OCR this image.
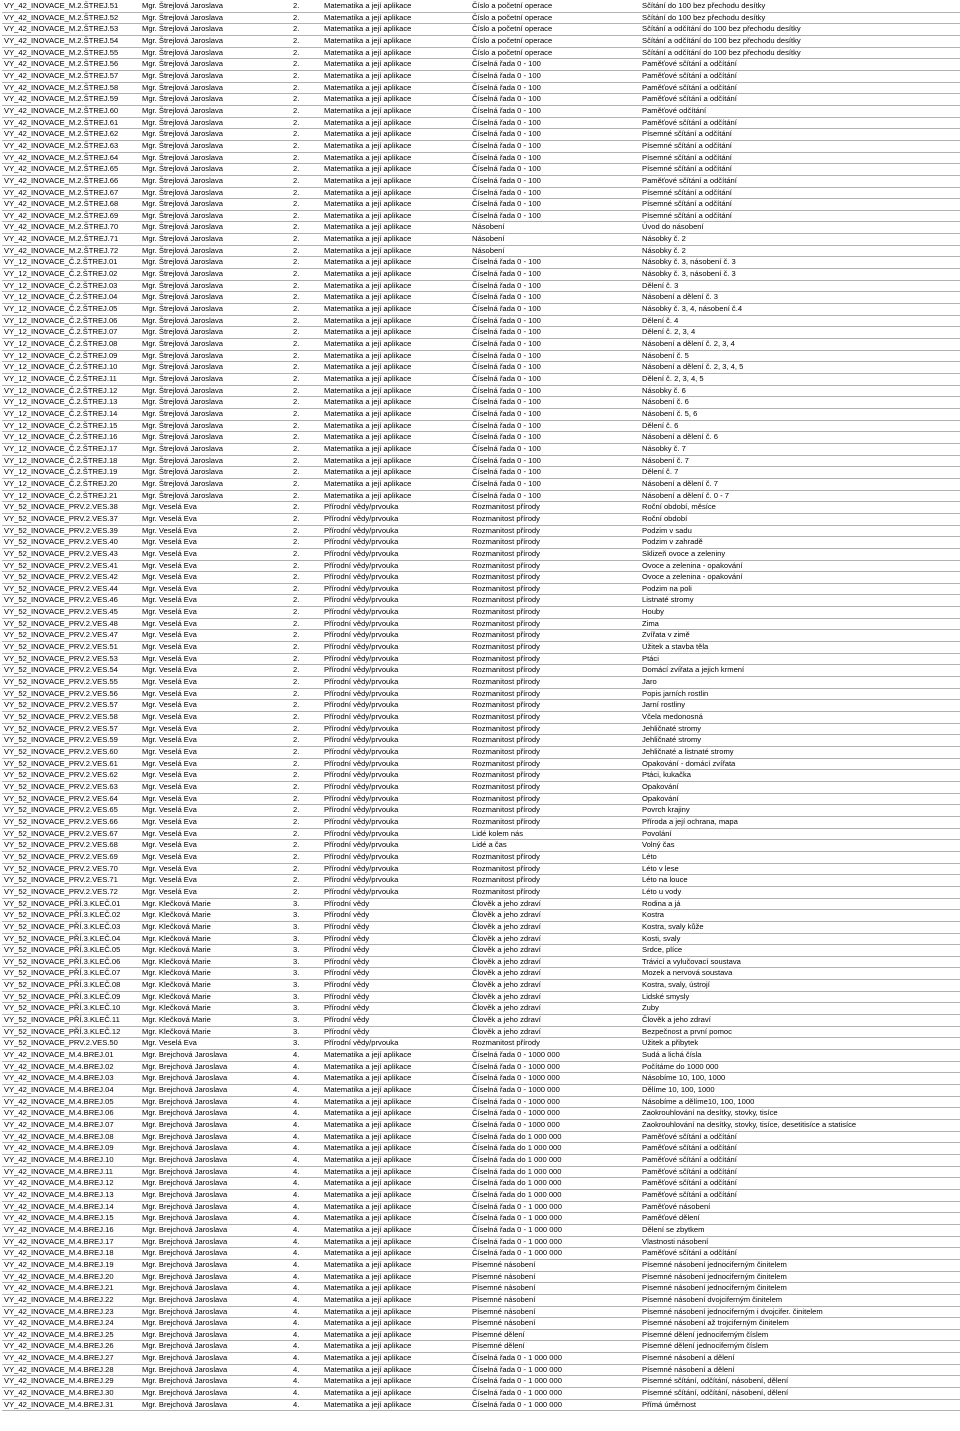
VY_42_INOVACE_M.2.ŠTREJ.51	Mgr. Štrejlová Jaroslava	2.	Matematika a její aplikace	Číslo a početní operace	Sčítání do 100 bez přechodu desítky
VY_42_INOVACE_M.2.ŠTREJ.52	Mgr. Štrejlová Jaroslava	2.	Matematika a její aplikace	Číslo a početní operace	Sčítání do 100 bez přechodu desítky
VY_42_INOVACE_M.2.ŠTREJ.53	Mgr. Štrejlová Jaroslava	2.	Matematika a její aplikace	Číslo a početní operace	Sčítání a odčítání do 100 bez přechodu desítky
VY_42_INOVACE_M.2.ŠTREJ.54	Mgr. Štrejlová Jaroslava	2.	Matematika a její aplikace	Číslo a početní operace	Sčítání a odčítání do 100 bez přechodu desítky
VY_42_INOVACE_M.2.ŠTREJ.55	Mgr. Štrejlová Jaroslava	2.	Matematika a její aplikace	Číslo a početní operace	Sčítání a odčítání do 100 bez přechodu desítky
VY_42_INOVACE_M.2.ŠTREJ.56	Mgr. Štrejlová Jaroslava	2.	Matematika a její aplikace	Číselná řada 0 - 100	Paměťové sčítání a odčítání
VY_42_INOVACE_M.2.ŠTREJ.57	Mgr. Štrejlová Jaroslava	2.	Matematika a její aplikace	Číselná řada 0 - 100	Paměťové sčítání a odčítání
VY_42_INOVACE_M.2.ŠTREJ.58	Mgr. Štrejlová Jaroslava	2.	Matematika a její aplikace	Číselná řada 0 - 100	Paměťové sčítání a odčítání
VY_42_INOVACE_M.2.ŠTREJ.59	Mgr. Štrejlová Jaroslava	2.	Matematika a její aplikace	Číselná řada 0 - 100	Paměťové sčítání a odčítání
VY_42_INOVACE_M.2.ŠTREJ.60	Mgr. Štrejlová Jaroslava	2.	Matematika a její aplikace	Číselná řada 0 - 100	Paměťové odčítání
VY_42_INOVACE_M.2.ŠTREJ.61	Mgr. Štrejlová Jaroslava	2.	Matematika a její aplikace	Číselná řada 0 - 100	Paměťové sčítání a odčítání
VY_42_INOVACE_M.2.ŠTREJ.62	Mgr. Štrejlová Jaroslava	2.	Matematika a její aplikace	Číselná řada 0 - 100	Písemné sčítání a odčítání
VY_42_INOVACE_M.2.ŠTREJ.63	Mgr. Štrejlová Jaroslava	2.	Matematika a její aplikace	Číselná řada 0 - 100	Písemné sčítání a odčítání
VY_42_INOVACE_M.2.ŠTREJ.64	Mgr. Štrejlová Jaroslava	2.	Matematika a její aplikace	Číselná řada 0 - 100	Písemné sčítání a odčítání
VY_42_INOVACE_M.2.ŠTREJ.65	Mgr. Štrejlová Jaroslava	2.	Matematika a její aplikace	Číselná řada 0 - 100	Písemné sčítání a odčítání
VY_42_INOVACE_M.2.ŠTREJ.66	Mgr. Štrejlová Jaroslava	2.	Matematika a její aplikace	Číselná řada 0 - 100	Paměťové sčítání a odčítání
VY_42_INOVACE_M.2.ŠTREJ.67	Mgr. Štrejlová Jaroslava	2.	Matematika a její aplikace	Číselná řada 0 - 100	Písemné sčítání a odčítání
VY_42_INOVACE_M.2.ŠTREJ.68	Mgr. Štrejlová Jaroslava	2.	Matematika a její aplikace	Číselná řada 0 - 100	Písemné sčítání a odčítání
VY_42_INOVACE_M.2.ŠTREJ.69	Mgr. Štrejlová Jaroslava	2.	Matematika a její aplikace	Číselná řada 0 - 100	Písemné sčítání a odčítání
VY_42_INOVACE_M.2.ŠTREJ.70	Mgr. Štrejlová Jaroslava	2.	Matematika a její aplikace	Násobení	Úvod do násobení
VY_42_INOVACE_M.2.ŠTREJ.71	Mgr. Štrejlová Jaroslava	2.	Matematika a její aplikace	Násobení	Násobky č. 2
VY_42_INOVACE_M.2.ŠTREJ.72	Mgr. Štrejlová Jaroslava	2.	Matematika a její aplikace	Násobení	Násobky č. 2
VY_12_INOVACE_Č.2.ŠTREJ.01	Mgr. Štrejlová Jaroslava	2.	Matematika a její aplikace	Číselná řada 0 - 100	Násobky č. 3, násobení č. 3
VY_12_INOVACE_Č.2.ŠTREJ.02	Mgr. Štrejlová Jaroslava	2.	Matematika a její aplikace	Číselná řada 0 - 100	Násobky č. 3, násobení č. 3
VY_12_INOVACE_Č.2.ŠTREJ.03	Mgr. Štrejlová Jaroslava	2.	Matematika a její aplikace	Číselná řada 0 - 100	Dělení č. 3
VY_12_INOVACE_Č.2.ŠTREJ.04	Mgr. Štrejlová Jaroslava	2.	Matematika a její aplikace	Číselná řada 0 - 100	Násobení a dělení č. 3
VY_12_INOVACE_Č.2.ŠTREJ.05	Mgr. Štrejlová Jaroslava	2.	Matematika a její aplikace	Číselná řada 0 - 100	Násobky č. 3, 4, násobení č.4
VY_12_INOVACE_Č.2.ŠTREJ.06	Mgr. Štrejlová Jaroslava	2.	Matematika a její aplikace	Číselná řada 0 - 100	Dělení č. 4
VY_12_INOVACE_Č.2.ŠTREJ.07	Mgr. Štrejlová Jaroslava	2.	Matematika a její aplikace	Číselná řada 0 - 100	Dělení č. 2, 3, 4
VY_12_INOVACE_Č.2.ŠTREJ.08	Mgr. Štrejlová Jaroslava	2.	Matematika a její aplikace	Číselná řada 0 - 100	Násobení a dělení č. 2, 3, 4
VY_12_INOVACE_Č.2.ŠTREJ.09	Mgr. Štrejlová Jaroslava	2.	Matematika a její aplikace	Číselná řada 0 - 100	Násobení č. 5
VY_12_INOVACE_Č.2.ŠTREJ.10	Mgr. Štrejlová Jaroslava	2.	Matematika a její aplikace	Číselná řada 0 - 100	Násobení a dělení č. 2, 3, 4, 5
VY_12_INOVACE_Č.2.ŠTREJ.11	Mgr. Štrejlová Jaroslava	2.	Matematika a její aplikace	Číselná řada 0 - 100	Dělení č. 2, 3, 4, 5
VY_12_INOVACE_Č.2.ŠTREJ.12	Mgr. Štrejlová Jaroslava	2.	Matematika a její aplikace	Číselná řada 0 - 100	Násobky č. 6
VY_12_INOVACE_Č.2.ŠTREJ.13	Mgr. Štrejlová Jaroslava	2.	Matematika a její aplikace	Číselná řada 0 - 100	Násobení č. 6
VY_12_INOVACE_Č.2.ŠTREJ.14	Mgr. Štrejlová Jaroslava	2.	Matematika a její aplikace	Číselná řada 0 - 100	Násobení č. 5, 6
VY_12_INOVACE_Č.2.ŠTREJ.15	Mgr. Štrejlová Jaroslava	2.	Matematika a její aplikace	Číselná řada 0 - 100	Dělení č. 6
VY_12_INOVACE_Č.2.ŠTREJ.16	Mgr. Štrejlová Jaroslava	2.	Matematika a její aplikace	Číselná řada 0 - 100	Násobení a dělení č. 6
VY_12_INOVACE_Č.2.ŠTREJ.17	Mgr. Štrejlová Jaroslava	2.	Matematika a její aplikace	Číselná řada 0 - 100	Násobky č. 7
VY_12_INOVACE_Č.2.ŠTREJ.18	Mgr. Štrejlová Jaroslava	2.	Matematika a její aplikace	Číselná řada 0 - 100	Násobení č. 7
VY_12_INOVACE_Č.2.ŠTREJ.19	Mgr. Štrejlová Jaroslava	2.	Matematika a její aplikace	Číselná řada 0 - 100	Dělení č. 7
VY_12_INOVACE_Č.2.ŠTREJ.20	Mgr. Štrejlová Jaroslava	2.	Matematika a její aplikace	Číselná řada 0 - 100	Násobení a dělení č. 7
VY_12_INOVACE_Č.2.ŠTREJ.21	Mgr. Štrejlová Jaroslava	2.	Matematika a její aplikace	Číselná řada 0 - 100	Násobení a dělení č. 0 - 7
VY_52_INOVACE_PRV.2.VES.38	Mgr. Veselá Eva	2.	Přírodní vědy/prvouka	Rozmanitost přírody	Roční období, měsíce
VY_52_INOVACE_PRV.2.VES.37	Mgr. Veselá Eva	2.	Přírodní vědy/prvouka	Rozmanitost přírody	Roční období
VY_52_INOVACE_PRV.2.VES.39	Mgr. Veselá Eva	2.	Přírodní vědy/prvouka	Rozmanitost přírody	Podzim v sadu
VY_52_INOVACE_PRV.2.VES.40	Mgr. Veselá Eva	2.	Přírodní vědy/prvouka	Rozmanitost přírody	Podzim v zahradě
VY_52_INOVACE_PRV.2.VES.43	Mgr. Veselá Eva	2.	Přírodní vědy/prvouka	Rozmanitost přírody	Sklizeň ovoce a zeleniny
VY_52_INOVACE_PRV.2.VES.41	Mgr. Veselá Eva	2.	Přírodní vědy/prvouka	Rozmanitost přírody	Ovoce a zelenina - opakování
VY_52_INOVACE_PRV.2.VES.42	Mgr. Veselá Eva	2.	Přírodní vědy/prvouka	Rozmanitost přírody	Ovoce a zelenina - opakování
VY_52_INOVACE_PRV.2.VES.44	Mgr. Veselá Eva	2.	Přírodní vědy/prvouka	Rozmanitost přírody	Podzim na poli
VY_52_INOVACE_PRV.2.VES.46	Mgr. Veselá Eva	2.	Přírodní vědy/prvouka	Rozmanitost přírody	Listnaté stromy
VY_52_INOVACE_PRV.2.VES.45	Mgr. Veselá Eva	2.	Přírodní vědy/prvouka	Rozmanitost přírody	Houby
VY_52_INOVACE_PRV.2.VES.48	Mgr. Veselá Eva	2.	Přírodní vědy/prvouka	Rozmanitost přírody	Zima
VY_52_INOVACE_PRV.2.VES.47	Mgr. Veselá Eva	2.	Přírodní vědy/prvouka	Rozmanitost přírody	Zvířata v zimě
VY_52_INOVACE_PRV.2.VES.51	Mgr. Veselá Eva	2.	Přírodní vědy/prvouka	Rozmanitost přírody	Užitek a stavba těla
VY_52_INOVACE_PRV.2.VES.53	Mgr. Veselá Eva	2.	Přírodní vědy/prvouka	Rozmanitost přírody	Ptáci
VY_52_INOVACE_PRV.2.VES.54	Mgr. Veselá Eva	2.	Přírodní vědy/prvouka	Rozmanitost přírody	Domácí zvířata a jejich krmení
VY_52_INOVACE_PRV.2.VES.55	Mgr. Veselá Eva	2.	Přírodní vědy/prvouka	Rozmanitost přírody	Jaro
VY_52_INOVACE_PRV.2.VES.56	Mgr. Veselá Eva	2.	Přírodní vědy/prvouka	Rozmanitost přírody	Popis jarních rostlin
VY_52_INOVACE_PRV.2.VES.57	Mgr. Veselá Eva	2.	Přírodní vědy/prvouka	Rozmanitost přírody	Jarní rostliny
VY_52_INOVACE_PRV.2.VES.58	Mgr. Veselá Eva	2.	Přírodní vědy/prvouka	Rozmanitost přírody	Včela medonosná
VY_52_INOVACE_PRV.2.VES.57	Mgr. Veselá Eva	2.	Přírodní vědy/prvouka	Rozmanitost přírody	Jehličnaté stromy
VY_52_INOVACE_PRV.2.VES.59	Mgr. Veselá Eva	2.	Přírodní vědy/prvouka	Rozmanitost přírody	Jehličnaté stromy
VY_52_INOVACE_PRV.2.VES.60	Mgr. Veselá Eva	2.	Přírodní vědy/prvouka	Rozmanitost přírody	Jehličnaté a listnaté stromy
VY_52_INOVACE_PRV.2.VES.61	Mgr. Veselá Eva	2.	Přírodní vědy/prvouka	Rozmanitost přírody	Opakování - domácí zvířata
VY_52_INOVACE_PRV.2.VES.62	Mgr. Veselá Eva	2.	Přírodní vědy/prvouka	Rozmanitost přírody	Ptáci, kukačka
VY_52_INOVACE_PRV.2.VES.63	Mgr. Veselá Eva	2.	Přírodní vědy/prvouka	Rozmanitost přírody	Opakování
VY_52_INOVACE_PRV.2.VES.64	Mgr. Veselá Eva	2.	Přírodní vědy/prvouka	Rozmanitost přírody	Opakování
VY_52_INOVACE_PRV.2.VES.65	Mgr. Veselá Eva	2.	Přírodní vědy/prvouka	Rozmanitost přírody	Povrch krajiny
VY_52_INOVACE_PRV.2.VES.66	Mgr. Veselá Eva	2.	Přírodní vědy/prvouka	Rozmanitost přírody	Příroda a její ochrana, mapa
VY_52_INOVACE_PRV.2.VES.67	Mgr. Veselá Eva	2.	Přírodní vědy/prvouka	Lidé kolem nás	Povolání
VY_52_INOVACE_PRV.2.VES.68	Mgr. Veselá Eva	2.	Přírodní vědy/prvouka	Lidé a čas	Volný čas
VY_52_INOVACE_PRV.2.VES.69	Mgr. Veselá Eva	2.	Přírodní vědy/prvouka	Rozmanitost přírody	Léto
VY_52_INOVACE_PRV.2.VES.70	Mgr. Veselá Eva	2.	Přírodní vědy/prvouka	Rozmanitost přírody	Léto v lese
VY_52_INOVACE_PRV.2.VES.71	Mgr. Veselá Eva	2.	Přírodní vědy/prvouka	Rozmanitost přírody	Léto na louce
VY_52_INOVACE_PRV.2.VES.72	Mgr. Veselá Eva	2.	Přírodní vědy/prvouka	Rozmanitost přírody	Léto u vody
VY_52_INOVACE_PŘÍ.3.KLEČ.01	Mgr. Klečková Marie	3.	Přírodní vědy	Člověk a jeho zdraví	Rodina a já
VY_52_INOVACE_PŘÍ.3.KLEČ.02	Mgr. Klečková Marie	3.	Přírodní vědy	Člověk a jeho zdraví	Kostra
VY_52_INOVACE_PŘÍ.3.KLEČ.03	Mgr. Klečková Marie	3.	Přírodní vědy	Člověk a jeho zdraví	Kostra, svaly kůže
VY_52_INOVACE_PŘÍ.3.KLEČ.04	Mgr. Klečková Marie	3.	Přírodní vědy	Člověk a jeho zdraví	Kosti, svaly
VY_52_INOVACE_PŘÍ.3.KLEČ.05	Mgr. Klečková Marie	3.	Přírodní vědy	Člověk a jeho zdraví	Srdce, plíce
VY_52_INOVACE_PŘÍ.3.KLEČ.06	Mgr. Klečková Marie	3.	Přírodní vědy	Člověk a jeho zdraví	Trávicí a vylučovací soustava
VY_52_INOVACE_PŘÍ.3.KLEČ.07	Mgr. Klečková Marie	3.	Přírodní vědy	Člověk a jeho zdraví	Mozek a nervová soustava
VY_52_INOVACE_PŘÍ.3.KLEČ.08	Mgr. Klečková Marie	3.	Přírodní vědy	Člověk a jeho zdraví	Kostra, svaly, ústrojí
VY_52_INOVACE_PŘÍ.3.KLEČ.09	Mgr. Klečková Marie	3.	Přírodní vědy	Člověk a jeho zdraví	Lidské smysly
VY_52_INOVACE_PŘÍ.3.KLEČ.10	Mgr. Klečková Marie	3.	Přírodní vědy	Člověk a jeho zdraví	Zuby
VY_52_INOVACE_PŘÍ.3.KLEČ.11	Mgr. Klečková Marie	3.	Přírodní vědy	Člověk a jeho zdraví	Člověk a jeho zdraví
VY_52_INOVACE_PŘÍ.3.KLEČ.12	Mgr. Klečková Marie	3.	Přírodní vědy	Člověk a jeho zdraví	Bezpečnost a první pomoc
VY_52_INOVACE_PRV.2.VES.50	Mgr. Veselá Eva	3.	Přírodní vědy/prvouka	Rozmanitost přírody	Užitek a přibytek
VY_42_INOVACE_M.4.BREJ.01	Mgr. Brejchová Jaroslava	4.	Matematika a její aplikace	Číselná řada 0 - 1000 000	Sudá a lichá čísla
VY_42_INOVACE_M.4.BREJ.02	Mgr. Brejchová Jaroslava	4.	Matematika a její aplikace	Číselná řada 0 - 1000 000	Počítáme do 1000 000
VY_42_INOVACE_M.4.BREJ.03	Mgr. Brejchová Jaroslava	4.	Matematika a její aplikace	Číselná řada 0 - 1000 000	Násobíme 10, 100, 1000
VY_42_INOVACE_M.4.BREJ.04	Mgr. Brejchová Jaroslava	4.	Matematika a její aplikace	Číselná řada 0 - 1000 000	Dělíme 10, 100, 1000
VY_42_INOVACE_M.4.BREJ.05	Mgr. Brejchová Jaroslava	4.	Matematika a její aplikace	Číselná řada 0 - 1000 000	Násobíme a dělíme10, 100, 1000
VY_42_INOVACE_M.4.BREJ.06	Mgr. Brejchová Jaroslava	4.	Matematika a její aplikace	Číselná řada 0 - 1000 000	Zaokrouhlování na desítky, stovky, tisíce
VY_42_INOVACE_M.4.BREJ.07	Mgr. Brejchová Jaroslava	4.	Matematika a její aplikace	Číselná řada 0 - 1000 000	Zaokrouhlování na desítky, stovky, tisíce, desetitisíce a statisíce
VY_42_INOVACE_M.4.BREJ.08	Mgr. Brejchová Jaroslava	4.	Matematika a její aplikace	Číselná řada do 1 000 000	Paměťové sčítání a odčítání
VY_42_INOVACE_M.4.BREJ.09	Mgr. Brejchová Jaroslava	4.	Matematika a její aplikace	Číselná řada do 1 000 000	Paměťové sčítání a odčítání
VY_42_INOVACE_M.4.BREJ.10	Mgr. Brejchová Jaroslava	4.	Matematika a její aplikace	Číselná řada do 1 000 000	Paměťové sčítání a odčítání
VY_42_INOVACE_M.4.BREJ.11	Mgr. Brejchová Jaroslava	4.	Matematika a její aplikace	Číselná řada do 1 000 000	Paměťové sčítání a odčítání
VY_42_INOVACE_M.4.BREJ.12	Mgr. Brejchová Jaroslava	4.	Matematika a její aplikace	Číselná řada do 1 000 000	Paměťové sčítání a odčítání
VY_42_INOVACE_M.4.BREJ.13	Mgr. Brejchová Jaroslava	4.	Matematika a její aplikace	Číselná řada do 1 000 000	Paměťové sčítání a odčítání
VY_42_INOVACE_M.4.BREJ.14	Mgr. Brejchová Jaroslava	4.	Matematika a její aplikace	Číselná řada 0 - 1 000 000	Paměťové násobení
VY_42_INOVACE_M.4.BREJ.15	Mgr. Brejchová Jaroslava	4.	Matematika a její aplikace	Číselná řada 0 - 1 000 000	Paměťové dělení
VY_42_INOVACE_M.4.BREJ.16	Mgr. Brejchová Jaroslava	4.	Matematika a její aplikace	Číselná řada 0 - 1 000 000	Dělení se zbytkem
VY_42_INOVACE_M.4.BREJ.17	Mgr. Brejchová Jaroslava	4.	Matematika a její aplikace	Číselná řada 0 - 1 000 000	Vlastnosti násobení
VY_42_INOVACE_M.4.BREJ.18	Mgr. Brejchová Jaroslava	4.	Matematika a její aplikace	Číselná řada 0 - 1 000 000	Paměťové sčítání a odčítání
VY_42_INOVACE_M.4.BREJ.19	Mgr. Brejchová Jaroslava	4.	Matematika a její aplikace	Písemné násobení	Písemné násobení jednociferným činitelem
VY_42_INOVACE_M.4.BREJ.20	Mgr. Brejchová Jaroslava	4.	Matematika a její aplikace	Písemné násobení	Písemné násobení jednociferným činitelem
VY_42_INOVACE_M.4.BREJ.21	Mgr. Brejchová Jaroslava	4.	Matematika a její aplikace	Písemné násobení	Písemné násobení jednociferným činitelem
VY_42_INOVACE_M.4.BREJ.22	Mgr. Brejchová Jaroslava	4.	Matematika a její aplikace	Písemné násobení	Písemné násobení dvojciferným činitelem
VY_42_INOVACE_M.4.BREJ.23	Mgr. Brejchová Jaroslava	4.	Matematika a její aplikace	Písemné násobení	Písemné násobení jednociferným i dvojcifer. činitelem
VY_42_INOVACE_M.4.BREJ.24	Mgr. Brejchová Jaroslava	4.	Matematika a její aplikace	Písemné násobení	Písemné násobení až trojciferným činitelem
VY_42_INOVACE_M.4.BREJ.25	Mgr. Brejchová Jaroslava	4.	Matematika a její aplikace	Písemné dělení	Písemné dělení jednociferným číslem
VY_42_INOVACE_M.4.BREJ.26	Mgr. Brejchová Jaroslava	4.	Matematika a její aplikace	Písemné dělení	Písemné dělení jednociferným číslem
VY_42_INOVACE_M.4.BREJ.27	Mgr. Brejchová Jaroslava	4.	Matematika a její aplikace	Číselná řada 0 - 1 000 000	Písemné násobení a dělení
VY_42_INOVACE_M.4.BREJ.28	Mgr. Brejchová Jaroslava	4.	Matematika a její aplikace	Číselná řada 0 - 1 000 000	Písemné násobení a dělení
VY_42_INOVACE_M.4.BREJ.29	Mgr. Brejchová Jaroslava	4.	Matematika a její aplikace	Číselná řada 0 - 1 000 000	Písemné sčítání, odčítání, násobení, dělení
VY_42_INOVACE_M.4.BREJ.30	Mgr. Brejchová Jaroslava	4.	Matematika a její aplikace	Číselná řada 0 - 1 000 000	Písemné sčítání, odčítání, násobení, dělení
VY_42_INOVACE_M.4.BREJ.31	Mgr. Brejchová Jaroslava	4.	Matematika a její aplikace	Číselná řada 0 - 1 000 000	Přímá úměrnost
